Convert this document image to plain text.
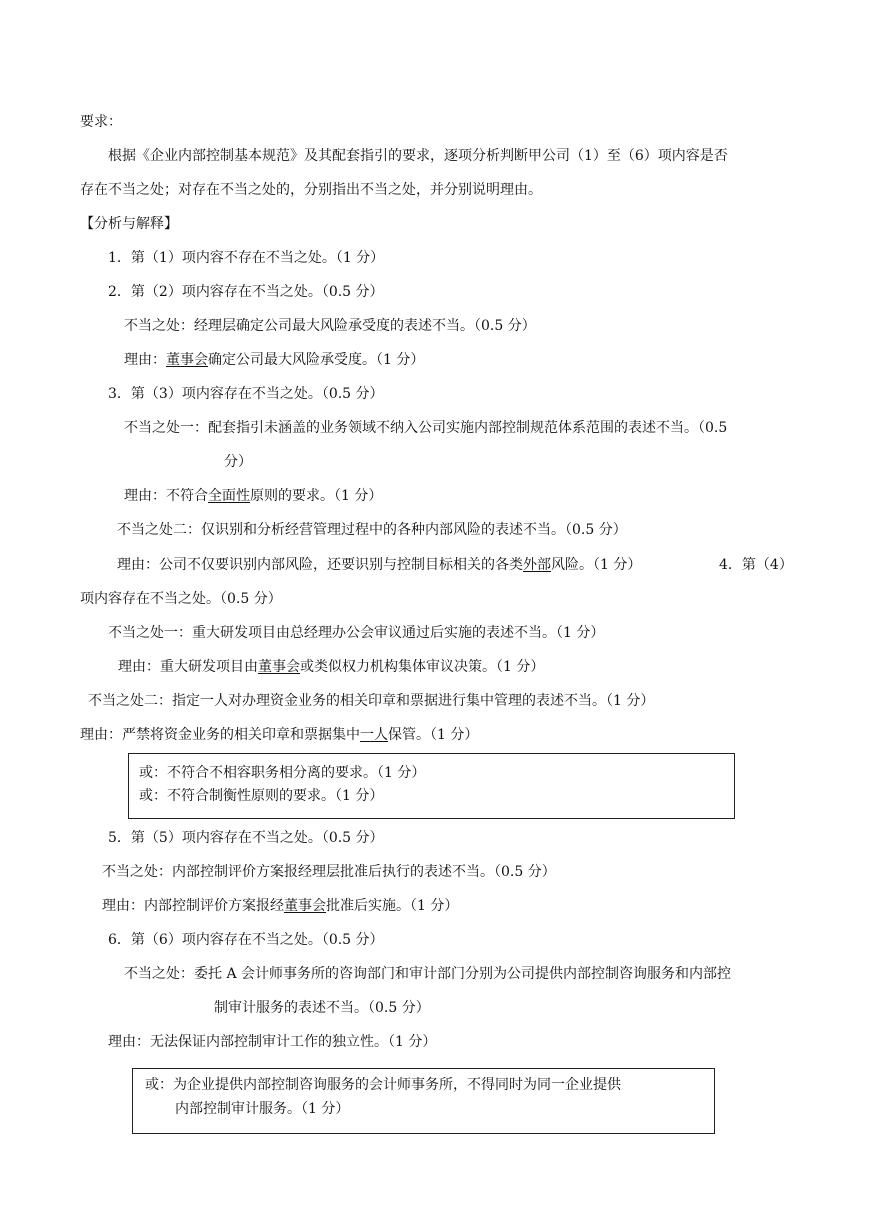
要求：
根据《企业内部控制基本规范》及其配套指引的要求，逐项分析判断甲公司（1）至（6）项内容是否
存在不当之处；对存在不当之处的，分别指出不当之处，并分别说明理由。
【分析与解释】
1．第（1）项内容不存在不当之处。（1 分）
2．第（2）项内容存在不当之处。（0.5 分）
不当之处：经理层确定公司最大风险承受度的表述不当。（0.5 分）
理由：董事会确定公司最大风险承受度。（1 分）
3．第（3）项内容存在不当之处。（0.5 分）
不当之处一：配套指引未涵盖的业务领域不纳入公司实施内部控制规范体系范围的表述不当。（0.5
分）
理由：不符合全面性原则的要求。（1 分）
不当之处二：仅识别和分析经营管理过程中的各种内部风险的表述不当。（0.5 分）
理由：公司不仅要识别内部风险，还要识别与控制目标相关的各类外部风险。（1 分）	4．第（4）
项内容存在不当之处。（0.5 分）
不当之处一：重大研发项目由总经理办公会审议通过后实施的表述不当。（1 分）
理由：重大研发项目由董事会或类似权力机构集体审议决策。（1 分）
不当之处二：指定一人对办理资金业务的相关印章和票据进行集中管理的表述不当。（1 分）
理由：严禁将资金业务的相关印章和票据集中一人保管。（1 分）
或：不符合不相容职务相分离的要求。（1 分）
或：不符合制衡性原则的要求。（1 分）
5．第（5）项内容存在不当之处。（0.5 分）
不当之处：内部控制评价方案报经理层批准后执行的表述不当。（0.5 分）
理由：内部控制评价方案报经董事会批准后实施。（1 分）
6．第（6）项内容存在不当之处。（0.5 分）
不当之处：委托 A 会计师事务所的咨询部门和审计部门分别为公司提供内部控制咨询服务和内部控
制审计服务的表述不当。（0.5 分）
理由：无法保证内部控制审计工作的独立性。（1 分）
或：为企业提供内部控制咨询服务的会计师事务所，不得同时为同一企业提供
内部控制审计服务。（1 分）
